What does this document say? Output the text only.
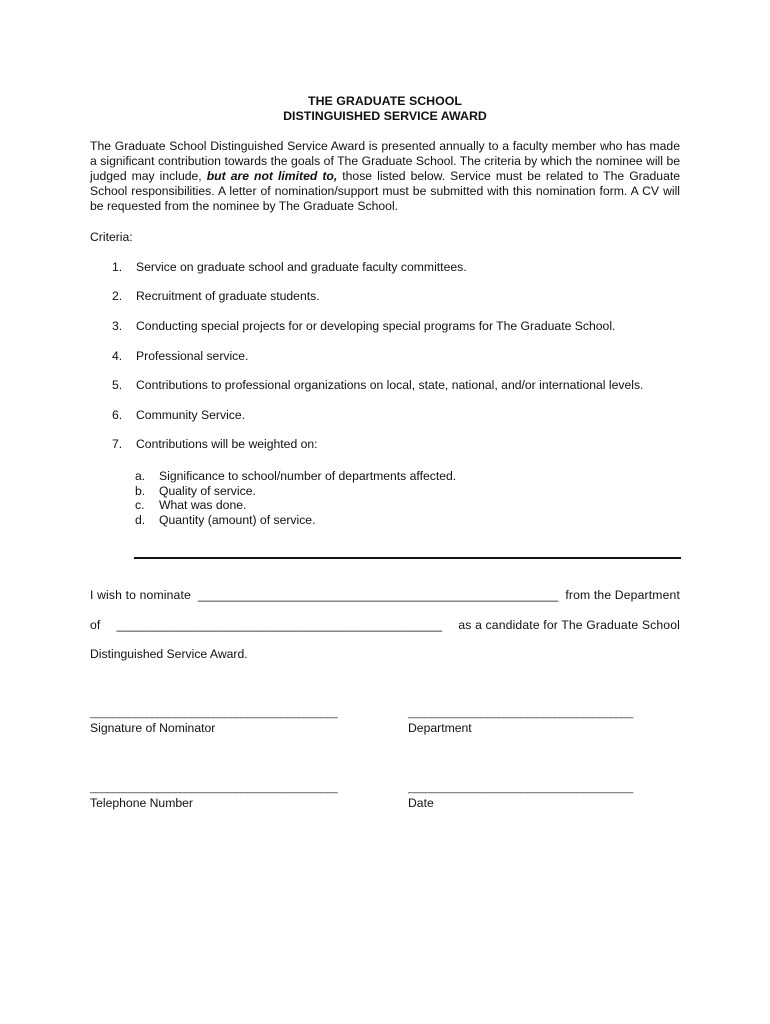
THE GRADUATE SCHOOL
DISTINGUISHED SERVICE AWARD

The Graduate School Distinguished Service Award is presented annually to a faculty member who has made a significant contribution towards the goals of The Graduate School. The criteria by which the nominee will be judged may include, but are not limited to, those listed below. Service must be related to The Graduate School responsibilities. A letter of nomination/support must be submitted with this nomination form. A CV will be requested from the nominee by The Graduate School.

Criteria:
1. Service on graduate school and graduate faculty committees.
2. Recruitment of graduate students.
3. Conducting special projects for or developing special programs for The Graduate School.
4. Professional service.
5. Contributions to professional organizations on local, state, national, and/or international levels.
6. Community Service.
7. Contributions will be weighted on:
a. Significance to school/number of departments affected.
b. Quality of service.
c. What was done.
d. Quantity (amount) of service.
I wish to nominate ____________________________________________________ from the Department
of _______________________________________________ as a candidate for The Graduate School
Distinguished Service Award.
____________________________________________	________________________________________
Signature of Nominator	Department
____________________________________________	________________________________________
Telephone Number	Date
